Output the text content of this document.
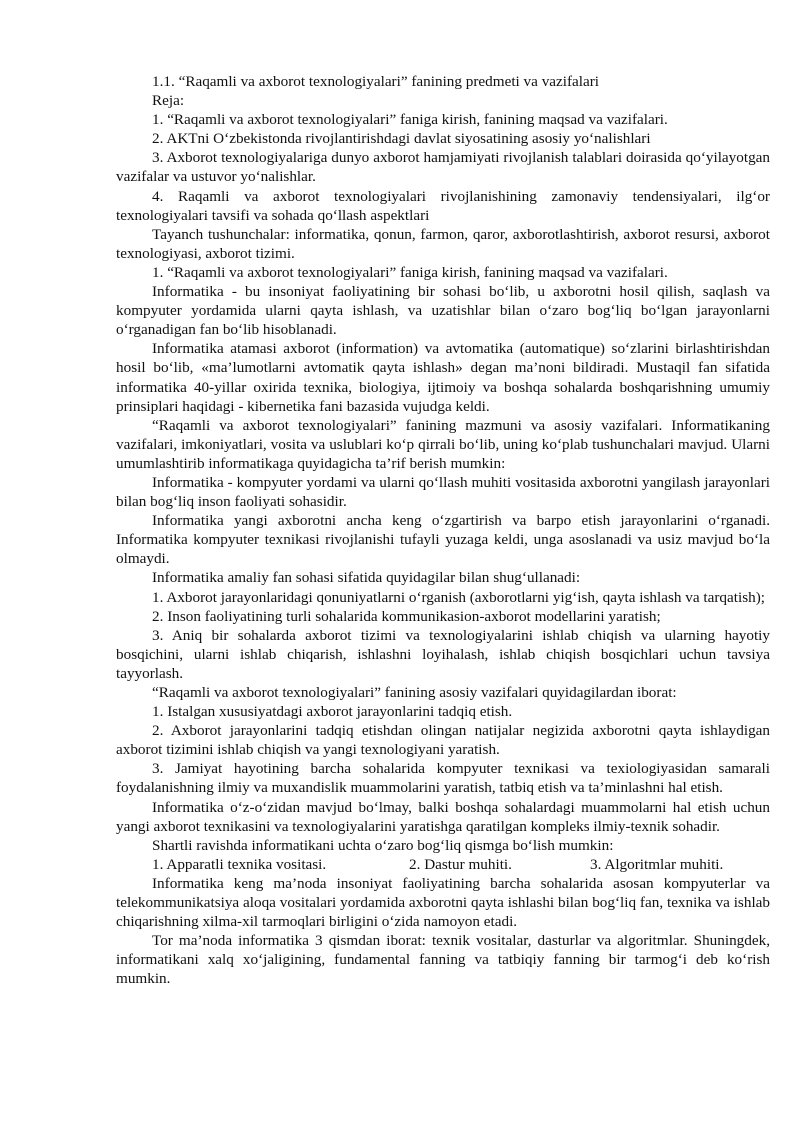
1.1. “Raqamli va axborot texnologiyalari” fanining predmeti va vazifalari

Reja:

1. “Raqamli va axborot texnologiyalari” faniga kirish, fanining maqsad va vazifalari.

2. AKTni O‘zbekistonda rivojlantirishdagi davlat siyosatining asosiy yo‘nalishlari

3. Axborot texnologiyalariga dunyo axborot hamjamiyati rivojlanish talablari doirasida qo‘yilayotgan vazifalar va ustuvor yo‘nalishlar.

4. Raqamli va axborot texnologiyalari rivojlanishining zamonaviy tendensiyalari, ilg‘or texnologiyalari tavsifi va sohada qo‘llash aspektlari

Tayanch tushunchalar: informatika, qonun, farmon, qaror, axborotlashtirish, axborot resursi, axborot texnologiyasi, axborot tizimi.

1. “Raqamli va axborot texnologiyalari” faniga kirish, fanining maqsad va vazifalari.

Informatika - bu insoniyat faoliyatining bir sohasi bo‘lib, u axborotni hosil qilish, saqlash va kompyuter yordamida ularni qayta ishlash, va uzatishlar bilan o‘zaro bog‘liq bo‘lgan jarayonlarni o‘rganadigan fan bo‘lib hisoblanadi.

Informatika atamasi axborot (information) va avtomatika (automatique) so‘zlarini birlashtirishdan hosil bo‘lib, «ma’lumotlarni avtomatik qayta ishlash» degan ma’noni bildiradi. Mustaqil fan sifatida informatika 40-yillar oxirida texnika, biologiya, ijtimoiy va boshqa sohalarda boshqarishning umumiy prinsiplari haqidagi - kibernetika fani bazasida vujudga keldi.

“Raqamli va axborot texnologiyalari” fanining mazmuni va asosiy vazifalari. Informatikaning vazifalari, imkoniyatlari, vosita va uslublari ko‘p qirrali bo‘lib, uning ko‘plab tushunchalari mavjud. Ularni umumlashtirib informatikaga quyidagicha ta’rif berish mumkin:

Informatika - kompyuter yordami va ularni qo‘llash muhiti vositasida axborotni yangilash jarayonlari bilan bog‘liq inson faoliyati sohasidir.

Informatika yangi axborotni ancha keng o‘zgartirish va barpo etish jarayonlarini o‘rganadi. Informatika kompyuter texnikasi rivojlanishi tufayli yuzaga keldi, unga asoslanadi va usiz mavjud bo‘la olmaydi.

Informatika amaliy fan sohasi sifatida quyidagilar bilan shug‘ullanadi:

1. Axborot jarayonlaridagi qonuniyatlarni o‘rganish (axborotlarni yig‘ish, qayta ishlash va tarqatish);

2. Inson faoliyatining turli sohalarida kommunikasion-axborot modellarini yaratish;

3. Aniq bir sohalarda axborot tizimi va texnologiyalarini ishlab chiqish va ularning hayotiy bosqichini, ularni ishlab chiqarish, ishlashni loyihalash, ishlab chiqish bosqichlari uchun tavsiya tayyorlash.

“Raqamli va axborot texnologiyalari” fanining asosiy vazifalari quyidagilardan iborat:

1. Istalgan xususiyatdagi axborot jarayonlarini tadqiq etish.

2. Axborot jarayonlarini tadqiq etishdan olingan natijalar negizida axborotni qayta ishlaydigan axborot tizimini ishlab chiqish va yangi texnologiyani yaratish.

3. Jamiyat hayotining barcha sohalarida kompyuter texnikasi va texiologiyasidan samarali foydalanishning ilmiy va muxandislik muammolarini yaratish, tatbiq etish va ta’minlashni hal etish.

Informatika o‘z-o‘zidan mavjud bo‘lmay, balki boshqa sohalardagi muammolarni hal etish uchun yangi axborot texnikasini va texnologiyalarini yaratishga qaratilgan kompleks ilmiy-texnik sohadir.

Shartli ravishda informatikani uchta o‘zaro bog‘liq qismga bo‘lish mumkin:

1. Apparatli texnika vositasi.	2. Dastur muhiti.	3. Algoritmlar muhiti.

Informatika keng ma’noda insoniyat faoliyatining barcha sohalarida asosan kompyuterlar va telekommunikatsiya aloqa vositalari yordamida axborotni qayta ishlashi bilan bog‘liq fan, texnika va ishlab chiqarishning xilma-xil tarmoqlari birligini o‘zida namoyon etadi.

Tor ma’noda informatika 3 qismdan iborat: texnik vositalar, dasturlar va algoritmlar. Shuningdek, informatikani xalq xo‘jaligining, fundamental fanning va tatbiqiy fanning bir tarmog‘i deb ko‘rish mumkin.
